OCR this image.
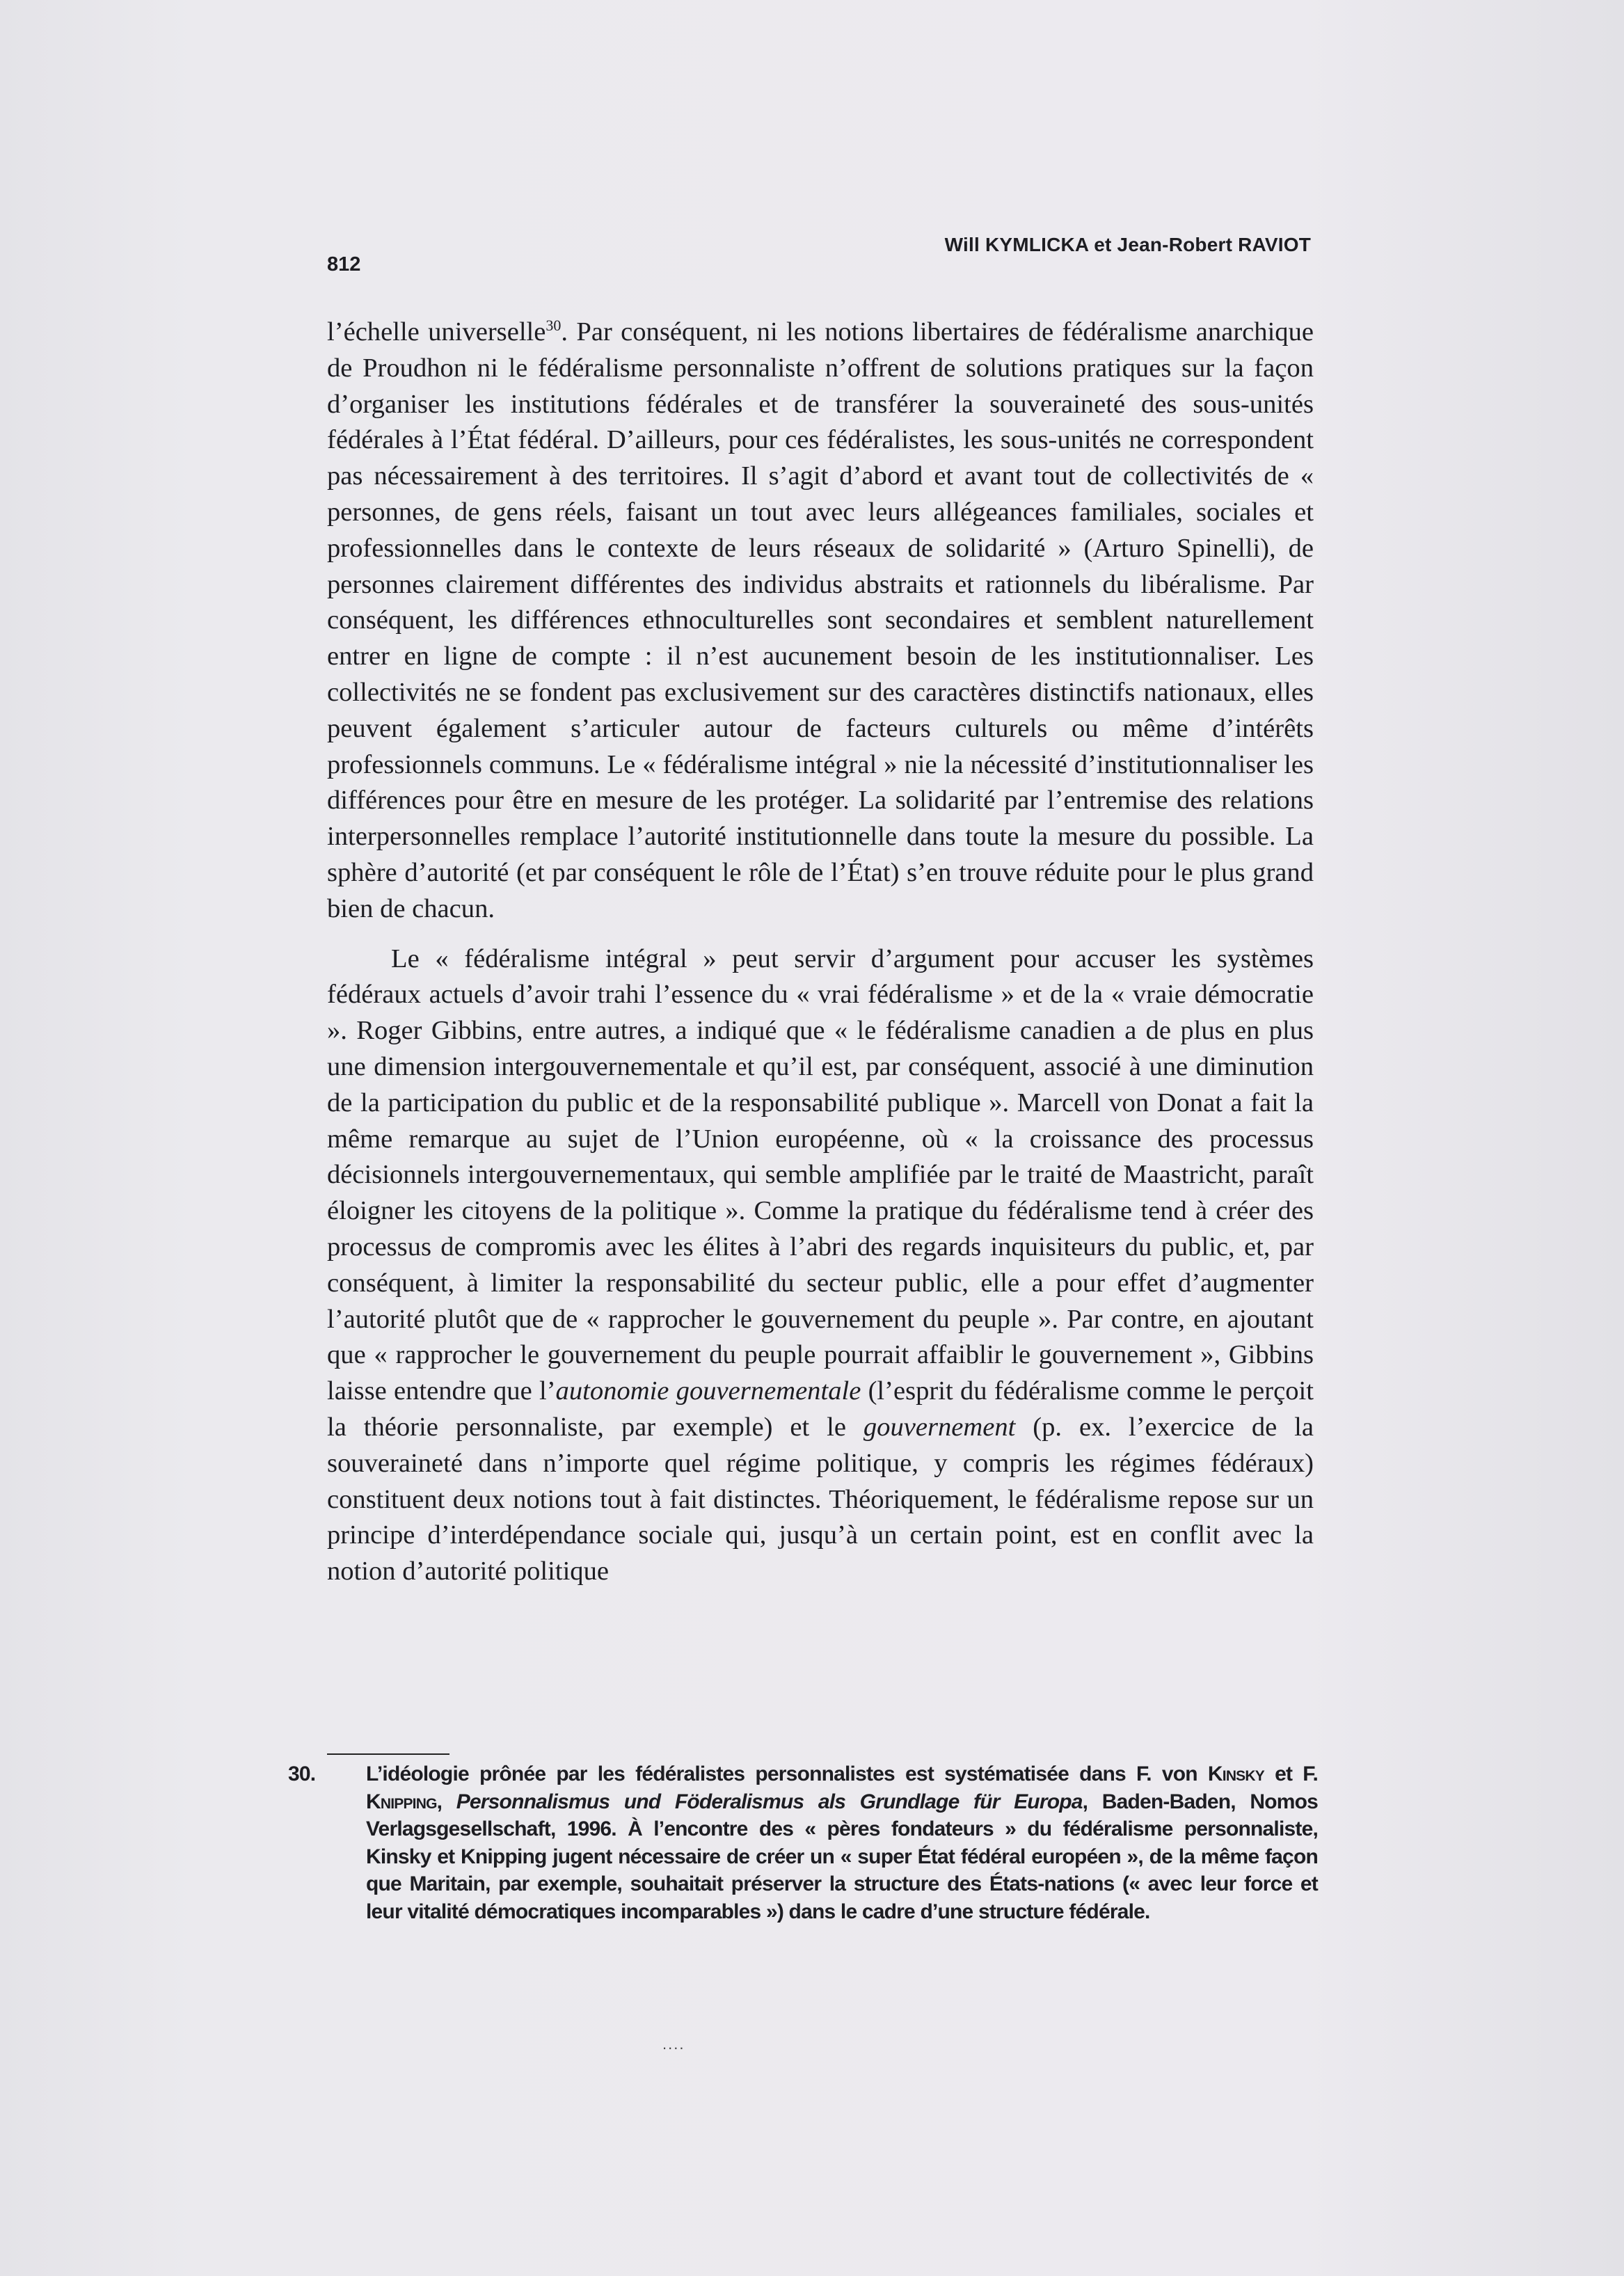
812
Will KYMLICKA et Jean-Robert RAVIOT

l’échelle universelle$^{30}$. Par conséquent, ni les notions libertaires de fédéralisme anarchique de Proudhon ni le fédéralisme personnaliste n’offrent de solutions pratiques sur la façon d’organiser les institutions fédérales et de transférer la souveraineté des sous-unités fédérales à l’État fédéral. D’ailleurs, pour ces fédéralistes, les sous-unités ne correspondent pas nécessairement à des territoires. Il s’agit d’abord et avant tout de collectivités de « personnes, de gens réels, faisant un tout avec leurs allégeances familiales, sociales et professionnelles dans le contexte de leurs réseaux de solidarité » (Arturo Spinelli), de personnes clairement différentes des individus abstraits et rationnels du libéralisme. Par conséquent, les différences ethnoculturelles sont secondaires et semblent naturellement entrer en ligne de compte : il n’est aucunement besoin de les institutionnaliser. Les collectivités ne se fondent pas exclusivement sur des caractères distinctifs nationaux, elles peuvent également s’articuler autour de facteurs culturels ou même d’intérêts professionnels communs. Le « fédéralisme intégral » nie la nécessité d’institutionnaliser les différences pour être en mesure de les protéger. La solidarité par l’entremise des relations interpersonnelles remplace l’autorité institutionnelle dans toute la mesure du possible. La sphère d’autorité (et par conséquent le rôle de l’État) s’en trouve réduite pour le plus grand bien de chacun.

Le « fédéralisme intégral » peut servir d’argument pour accuser les systèmes fédéraux actuels d’avoir trahi l’essence du « vrai fédéralisme » et de la « vraie démocratie ». Roger Gibbins, entre autres, a indiqué que « le fédéralisme canadien a de plus en plus une dimension intergouvernementale et qu’il est, par conséquent, associé à une diminution de la participation du public et de la responsabilité publique ». Marcell von Donat a fait la même remarque au sujet de l’Union européenne, où « la croissance des processus décisionnels intergouvernementaux, qui semble amplifiée par le traité de Maastricht, paraît éloigner les citoyens de la politique ». Comme la pratique du fédéralisme tend à créer des processus de compromis avec les élites à l’abri des regards inquisiteurs du public, et, par conséquent, à limiter la responsabilité du secteur public, elle a pour effet d’augmenter l’autorité plutôt que de « rapprocher le gouvernement du peuple ». Par contre, en ajoutant que « rapprocher le gouvernement du peuple pourrait affaiblir le gouvernement », Gibbins laisse entendre que l’autonomie gouvernementale (l’esprit du fédéralisme comme le perçoit la théorie personnaliste, par exemple) et le gouvernement (p. ex. l’exercice de la souveraineté dans n’importe quel régime politique, y compris les régimes fédéraux) constituent deux notions tout à fait distinctes. Théoriquement, le fédéralisme repose sur un principe d’interdépendance sociale qui, jusqu’à un certain point, est en conflit avec la notion d’autorité politique

30. L’idéologie prônée par les fédéralistes personnalistes est systématisée dans F. von Kinsky et F. Knipping, Personnalismus und Föderalismus als Grundlage für Europa, Baden-Baden, Nomos Verlagsgesellschaft, 1996. À l’encontre des « pères fondateurs » du fédéralisme personnaliste, Kinsky et Knipping jugent nécessaire de créer un « super État fédéral européen », de la même façon que Maritain, par exemple, souhaitait préserver la structure des États-nations (« avec leur force et leur vitalité démocratiques incomparables ») dans le cadre d’une structure fédérale.

....
